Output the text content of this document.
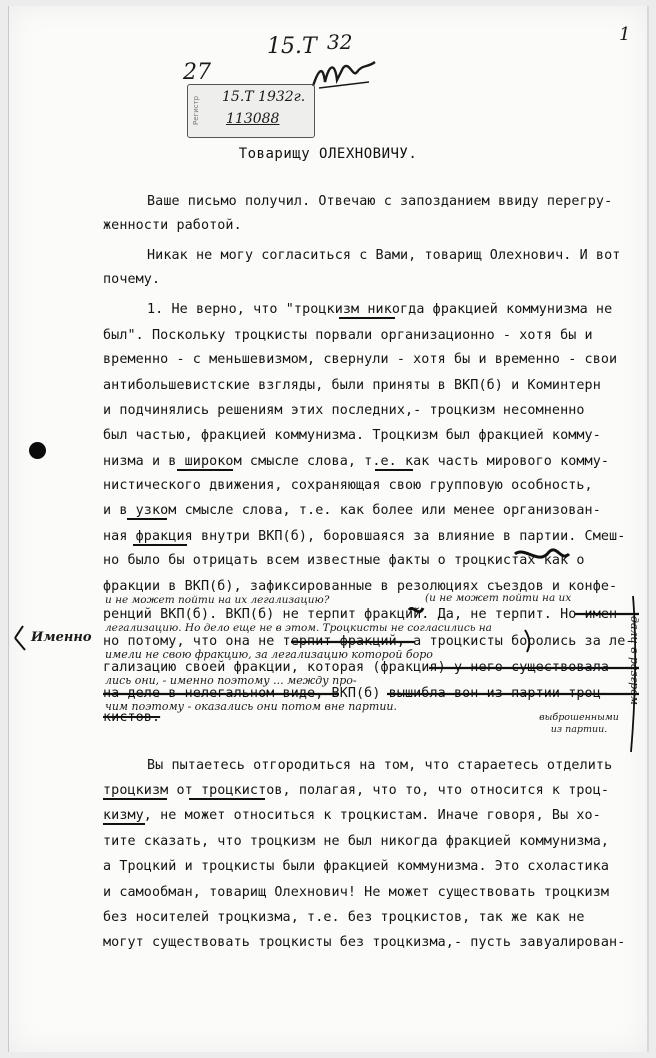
15.Т 32
27
1
Регистр 15.Т 1932г.
113088
Товарищу ОЛЕХНОВИЧУ.
Ваше письмо получил. Отвечаю с запозданием ввиду перегру-
женности работой.
Никак не могу согласиться с Вами, товарищ Олехнович. И вот
почему.
1. Не верно, что "троцкизм никогда фракцией коммунизма не
был". Поскольку троцкисты порвали организационно - хотя бы и
временно - с меньшевизмом, свернули - хотя бы и временно - свои
антибольшевистские взгляды, были приняты в ВКП(б) и Коминтерн
и подчинялись решениям этих последних,- троцкизм несомненно
был частью, фракцией коммунизма. Троцкизм был фракцией комму-
низма и в широком смысле слова, т.е. как часть мирового комму-
нистического движения, сохраняющая свою групповую особность,
и в узком смысле слова, т.е. как более или менее организован-
ная фракция внутри ВКП(б), боровшаяся за влияние в партии. Смеш-
но было бы отрицать всем известные факты о троцкистах как о
фракции в ВКП(б), зафиксированные в резолюциях съездов и конфе-
ренций ВКП(б). ВКП(б) не терпит фракций. Да, не терпит. Но имен-
но потому, что она не терпит фракций, а троцкисты боролись за ле-
гализацию своей фракции, которая (фракция) у него существовала
на деле в нелегальном виде, ВКП(б) вышибла вон из партии троц-
кистов.
Вы пытаетесь отгородиться на том, что стараетесь отделить
троцкизм от троцкистов, полагая, что то, что относится к троц-
кизму, не может относиться к троцкистам. Иначе говоря, Вы хо-
тите сказать, что троцкизм не был никогда фракцией коммунизма,
а Троцкий и троцкисты были фракцией коммунизма. Это схоластика
и самообман, товарищ Олехнович! Не может существовать троцкизм
без носителей троцкизма, т.е. без троцкистов, так же как не
могут существовать троцкисты без троцкизма,- пусть завуалирован-
и не может пойти на их легализацию?	(и не может пойти на их
легализацию. Но дело еще не в этом. Троцкисты не согласились на
Именно
имели не свою фракцию, за легализацию которой боро
лись они, - именно поэтому ... между про-
чим поэтому - оказались они потом вне партии.
выброшенными из партии.
дали в разгром
